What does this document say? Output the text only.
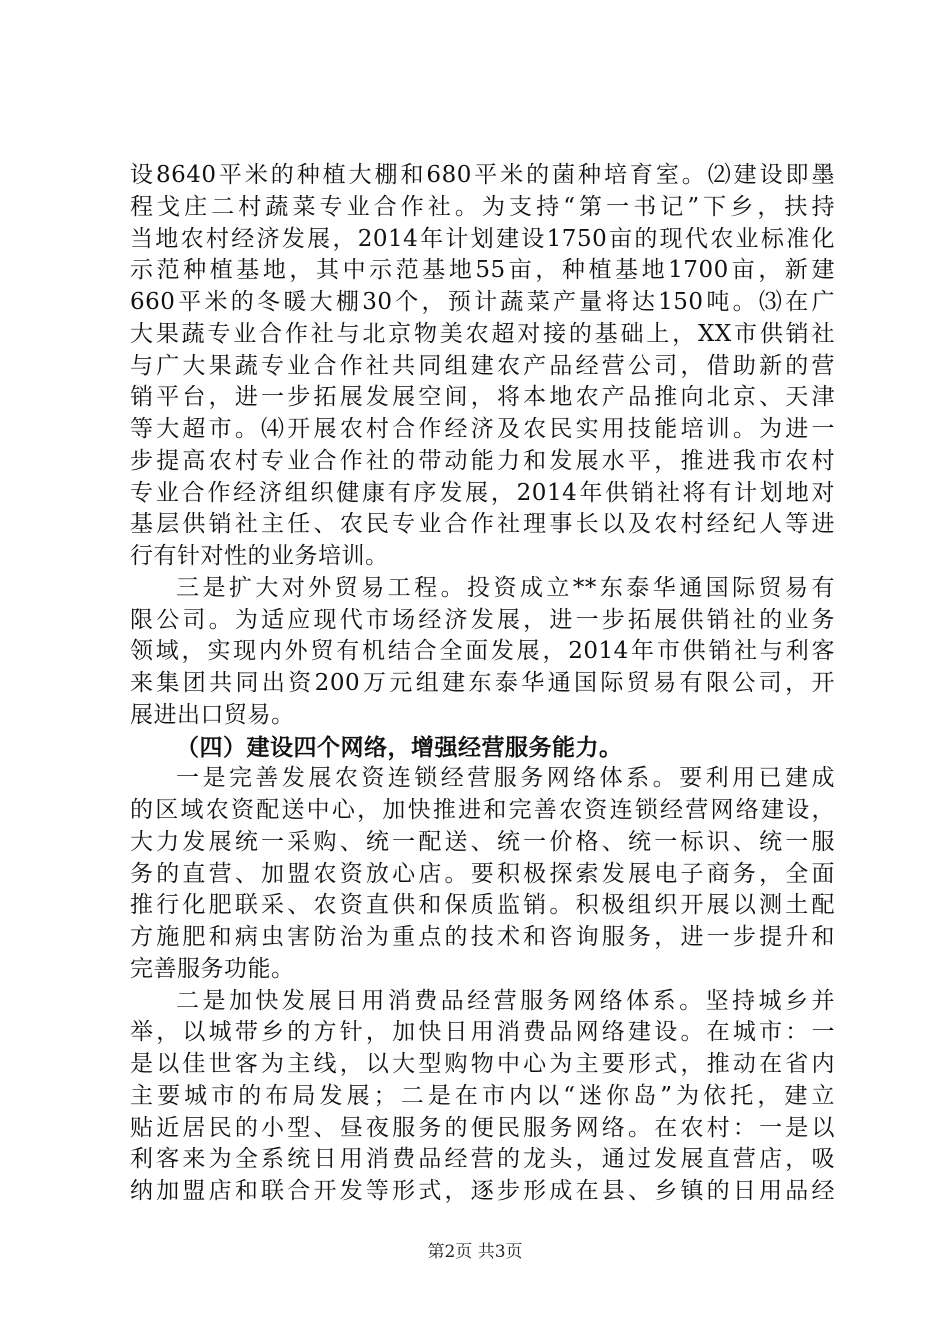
设8640平米的种植大棚和680平米的菌种培育室。⑵建设即墨
程戈庄二村蔬菜专业合作社。为支持“第一书记”下乡，扶持
当地农村经济发展，2014年计划建设1750亩的现代农业标准化
示范种植基地，其中示范基地55亩，种植基地1700亩，新建
660平米的冬暖大棚30个，预计蔬菜产量将达150吨。⑶在广
大果蔬专业合作社与北京物美农超对接的基础上，XX市供销社
与广大果蔬专业合作社共同组建农产品经营公司，借助新的营
销平台，进一步拓展发展空间，将本地农产品推向北京、天津
等大超市。⑷开展农村合作经济及农民实用技能培训。为进一
步提高农村专业合作社的带动能力和发展水平，推进我市农村
专业合作经济组织健康有序发展，2014年供销社将有计划地对
基层供销社主任、农民专业合作社理事长以及农村经纪人等进
行有针对性的业务培训。
三是扩大对外贸易工程。投资成立**东泰华通国际贸易有
限公司。为适应现代市场经济发展，进一步拓展供销社的业务
领域，实现内外贸有机结合全面发展，2014年市供销社与利客
来集团共同出资200万元组建东泰华通国际贸易有限公司，开
展进出口贸易。
（四）建设四个网络，增强经营服务能力。
一是完善发展农资连锁经营服务网络体系。要利用已建成
的区域农资配送中心，加快推进和完善农资连锁经营网络建设，
大力发展统一采购、统一配送、统一价格、统一标识、统一服
务的直营、加盟农资放心店。要积极探索发展电子商务，全面
推行化肥联采、农资直供和保质监销。积极组织开展以测土配
方施肥和病虫害防治为重点的技术和咨询服务，进一步提升和
完善服务功能。
二是加快发展日用消费品经营服务网络体系。坚持城乡并
举，以城带乡的方针，加快日用消费品网络建设。在城市：一
是以佳世客为主线，以大型购物中心为主要形式，推动在省内
主要城市的布局发展；二是在市内以“迷你岛”为依托，建立
贴近居民的小型、昼夜服务的便民服务网络。在农村：一是以
利客来为全系统日用消费品经营的龙头，通过发展直营店，吸
纳加盟店和联合开发等形式，逐步形成在县、乡镇的日用品经
第2页 共3页
